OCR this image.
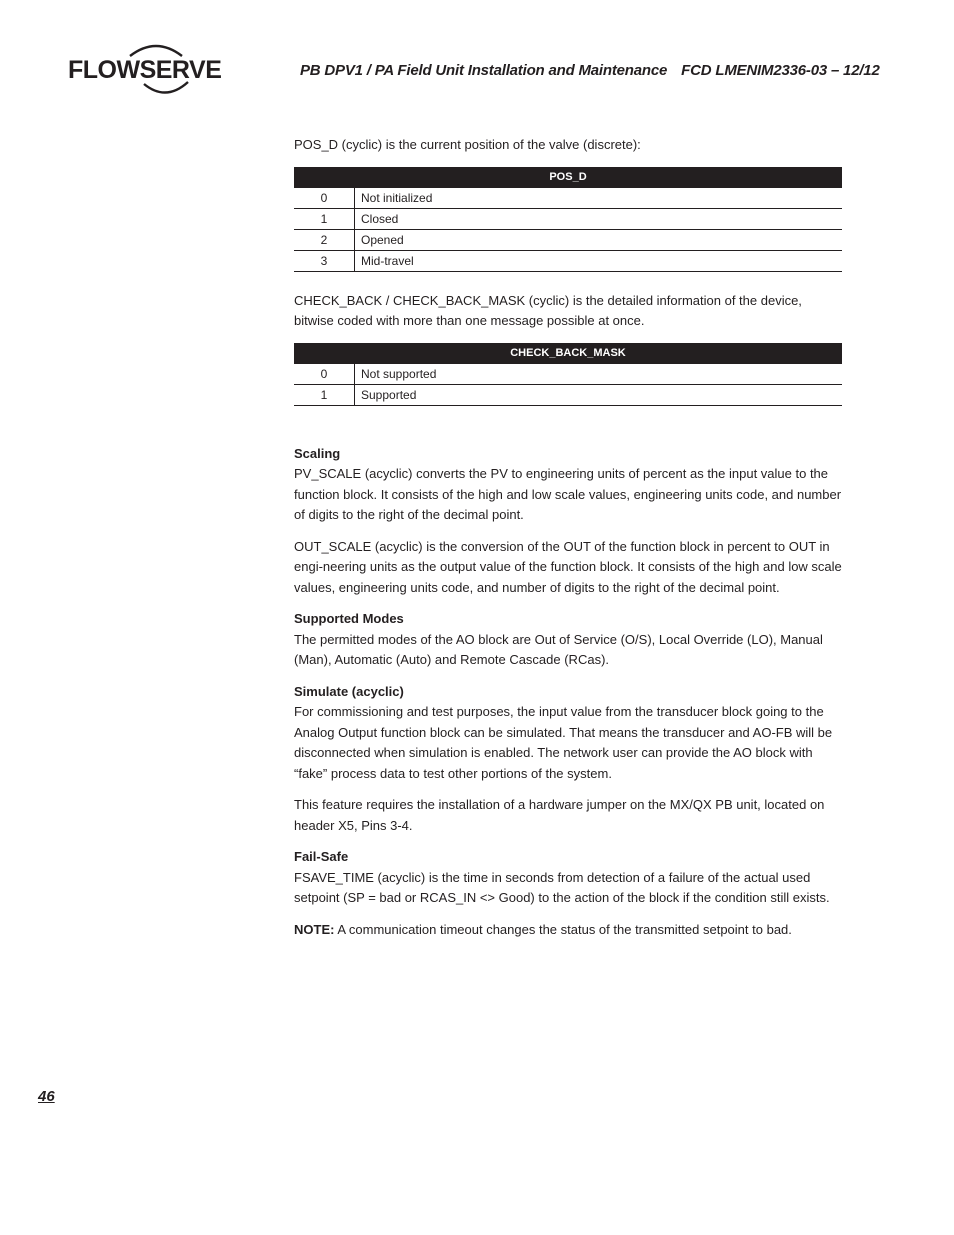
FLOWSERVE	PB DPV1 / PA Field Unit Installation and Maintenance FCD LMENIM2336-03 – 12/12

POS_D (cyclic) is the current position of the valve (discrete):

POS_D	
0	Not initialized
1	Closed
2	Opened
3	Mid-travel

CHECK_BACK / CHECK_BACK_MASK (cyclic) is the detailed information of the device, bitwise coded with more than one message possible at once.

CHECK_BACK_MASK	
0	Not supported
1	Supported
Scaling

PV_SCALE (acyclic) converts the PV to engineering units of percent as the input value to the function block. It consists of the high and low scale values, engineering units code, and number of digits to the right of the decimal point.

OUT_SCALE (acyclic) is the conversion of the OUT of the function block in percent to OUT in engi-neering units as the output value of the function block. It consists of the high and low scale values, engineering units code, and number of digits to the right of the decimal point.

Supported Modes

The permitted modes of the AO block are Out of Service (O/S), Local Override (LO), Manual (Man), Automatic (Auto) and Remote Cascade (RCas).

Simulate (acyclic)

For commissioning and test purposes, the input value from the transducer block going to the Analog Output function block can be simulated. That means the transducer and AO-FB will be disconnected when simulation is enabled. The network user can provide the AO block with “fake” process data to test other portions of the system.

This feature requires the installation of a hardware jumper on the MX/QX PB unit, located on header X5, Pins 3-4.

Fail-Safe

FSAVE_TIME (acyclic) is the time in seconds from detection of a failure of the actual used setpoint (SP = bad or RCAS_IN <> Good) to the action of the block if the condition still exists.

NOTE: A communication timeout changes the status of the transmitted setpoint to bad.

46
